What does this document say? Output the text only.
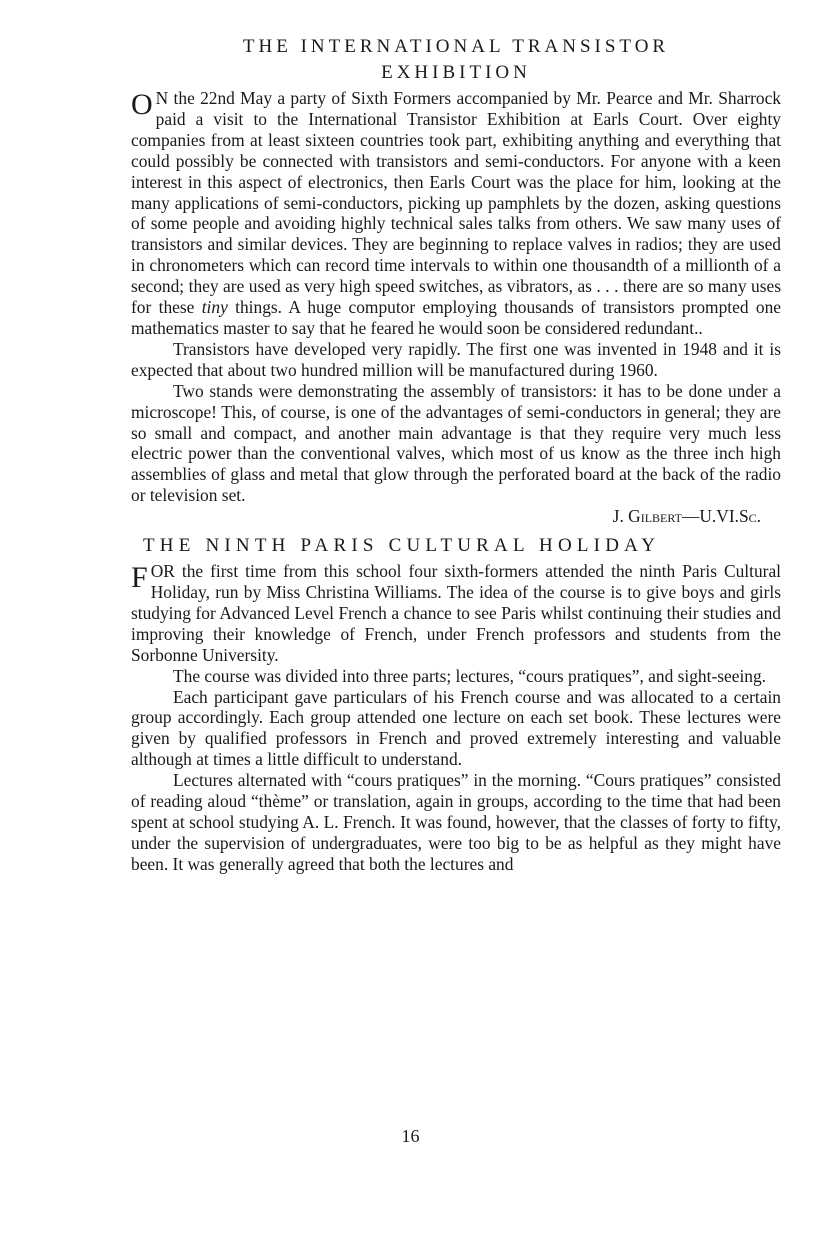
THE INTERNATIONAL TRANSISTOR
EXHIBITION

O N the 22nd May a party of Sixth Formers accompanied by Mr. Pearce and Mr. Sharrock paid a visit to the International Transistor Exhibition at Earls Court. Over eighty companies from at least sixteen countries took part, exhibiting anything and everything that could possibly be connected with transistors and semi-conductors. For anyone with a keen interest in this aspect of electronics, then Earls Court was the place for him, looking at the many applications of semi-conductors, picking up pamphlets by the dozen, asking questions of some people and avoiding highly technical sales talks from others. We saw many uses of transistors and similar devices. They are beginning to replace valves in radios; they are used in chronometers which can record time intervals to within one thousandth of a millionth of a second; they are used as very high speed switches, as vibrators, as . . . there are so many uses for these tiny things. A huge computor employing thousands of transistors prompted one mathematics master to say that he feared he would soon be considered redundant..

Transistors have developed very rapidly. The first one was invented in 1948 and it is expected that about two hundred million will be manufactured during 1960.

Two stands were demonstrating the assembly of transistors: it has to be done under a microscope! This, of course, is one of the advantages of semi-conductors in general; they are so small and compact, and another main advantage is that they require very much less electric power than the conventional valves, which most of us know as the three inch high assemblies of glass and metal that glow through the perforated board at the back of the radio or television set.

J. Gilbert—U.VI.Sc.

THE NINTH PARIS CULTURAL HOLIDAY

FOR the first time from this school four sixth-formers attended the ninth Paris Cultural Holiday, run by Miss Christina Williams. The idea of the course is to give boys and girls studying for Advanced Level French a chance to see Paris whilst continuing their studies and improving their knowledge of French, under French professors and students from the Sorbonne University.

The course was divided into three parts; lectures, “cours pratiques”, and sight-seeing.

Each participant gave particulars of his French course and was allocated to a certain group accordingly. Each group attended one lecture on each set book. These lectures were given by qualified professors in French and proved extremely interesting and valuable although at times a little difficult to understand.

Lectures alternated with “cours pratiques” in the morning. “Cours pratiques” consisted of reading aloud “thème” or translation, again in groups, according to the time that had been spent at school studying A. L. French. It was found, however, that the classes of forty to fifty, under the supervision of undergraduates, were too big to be as helpful as they might have been. It was generally agreed that both the lectures and

16
